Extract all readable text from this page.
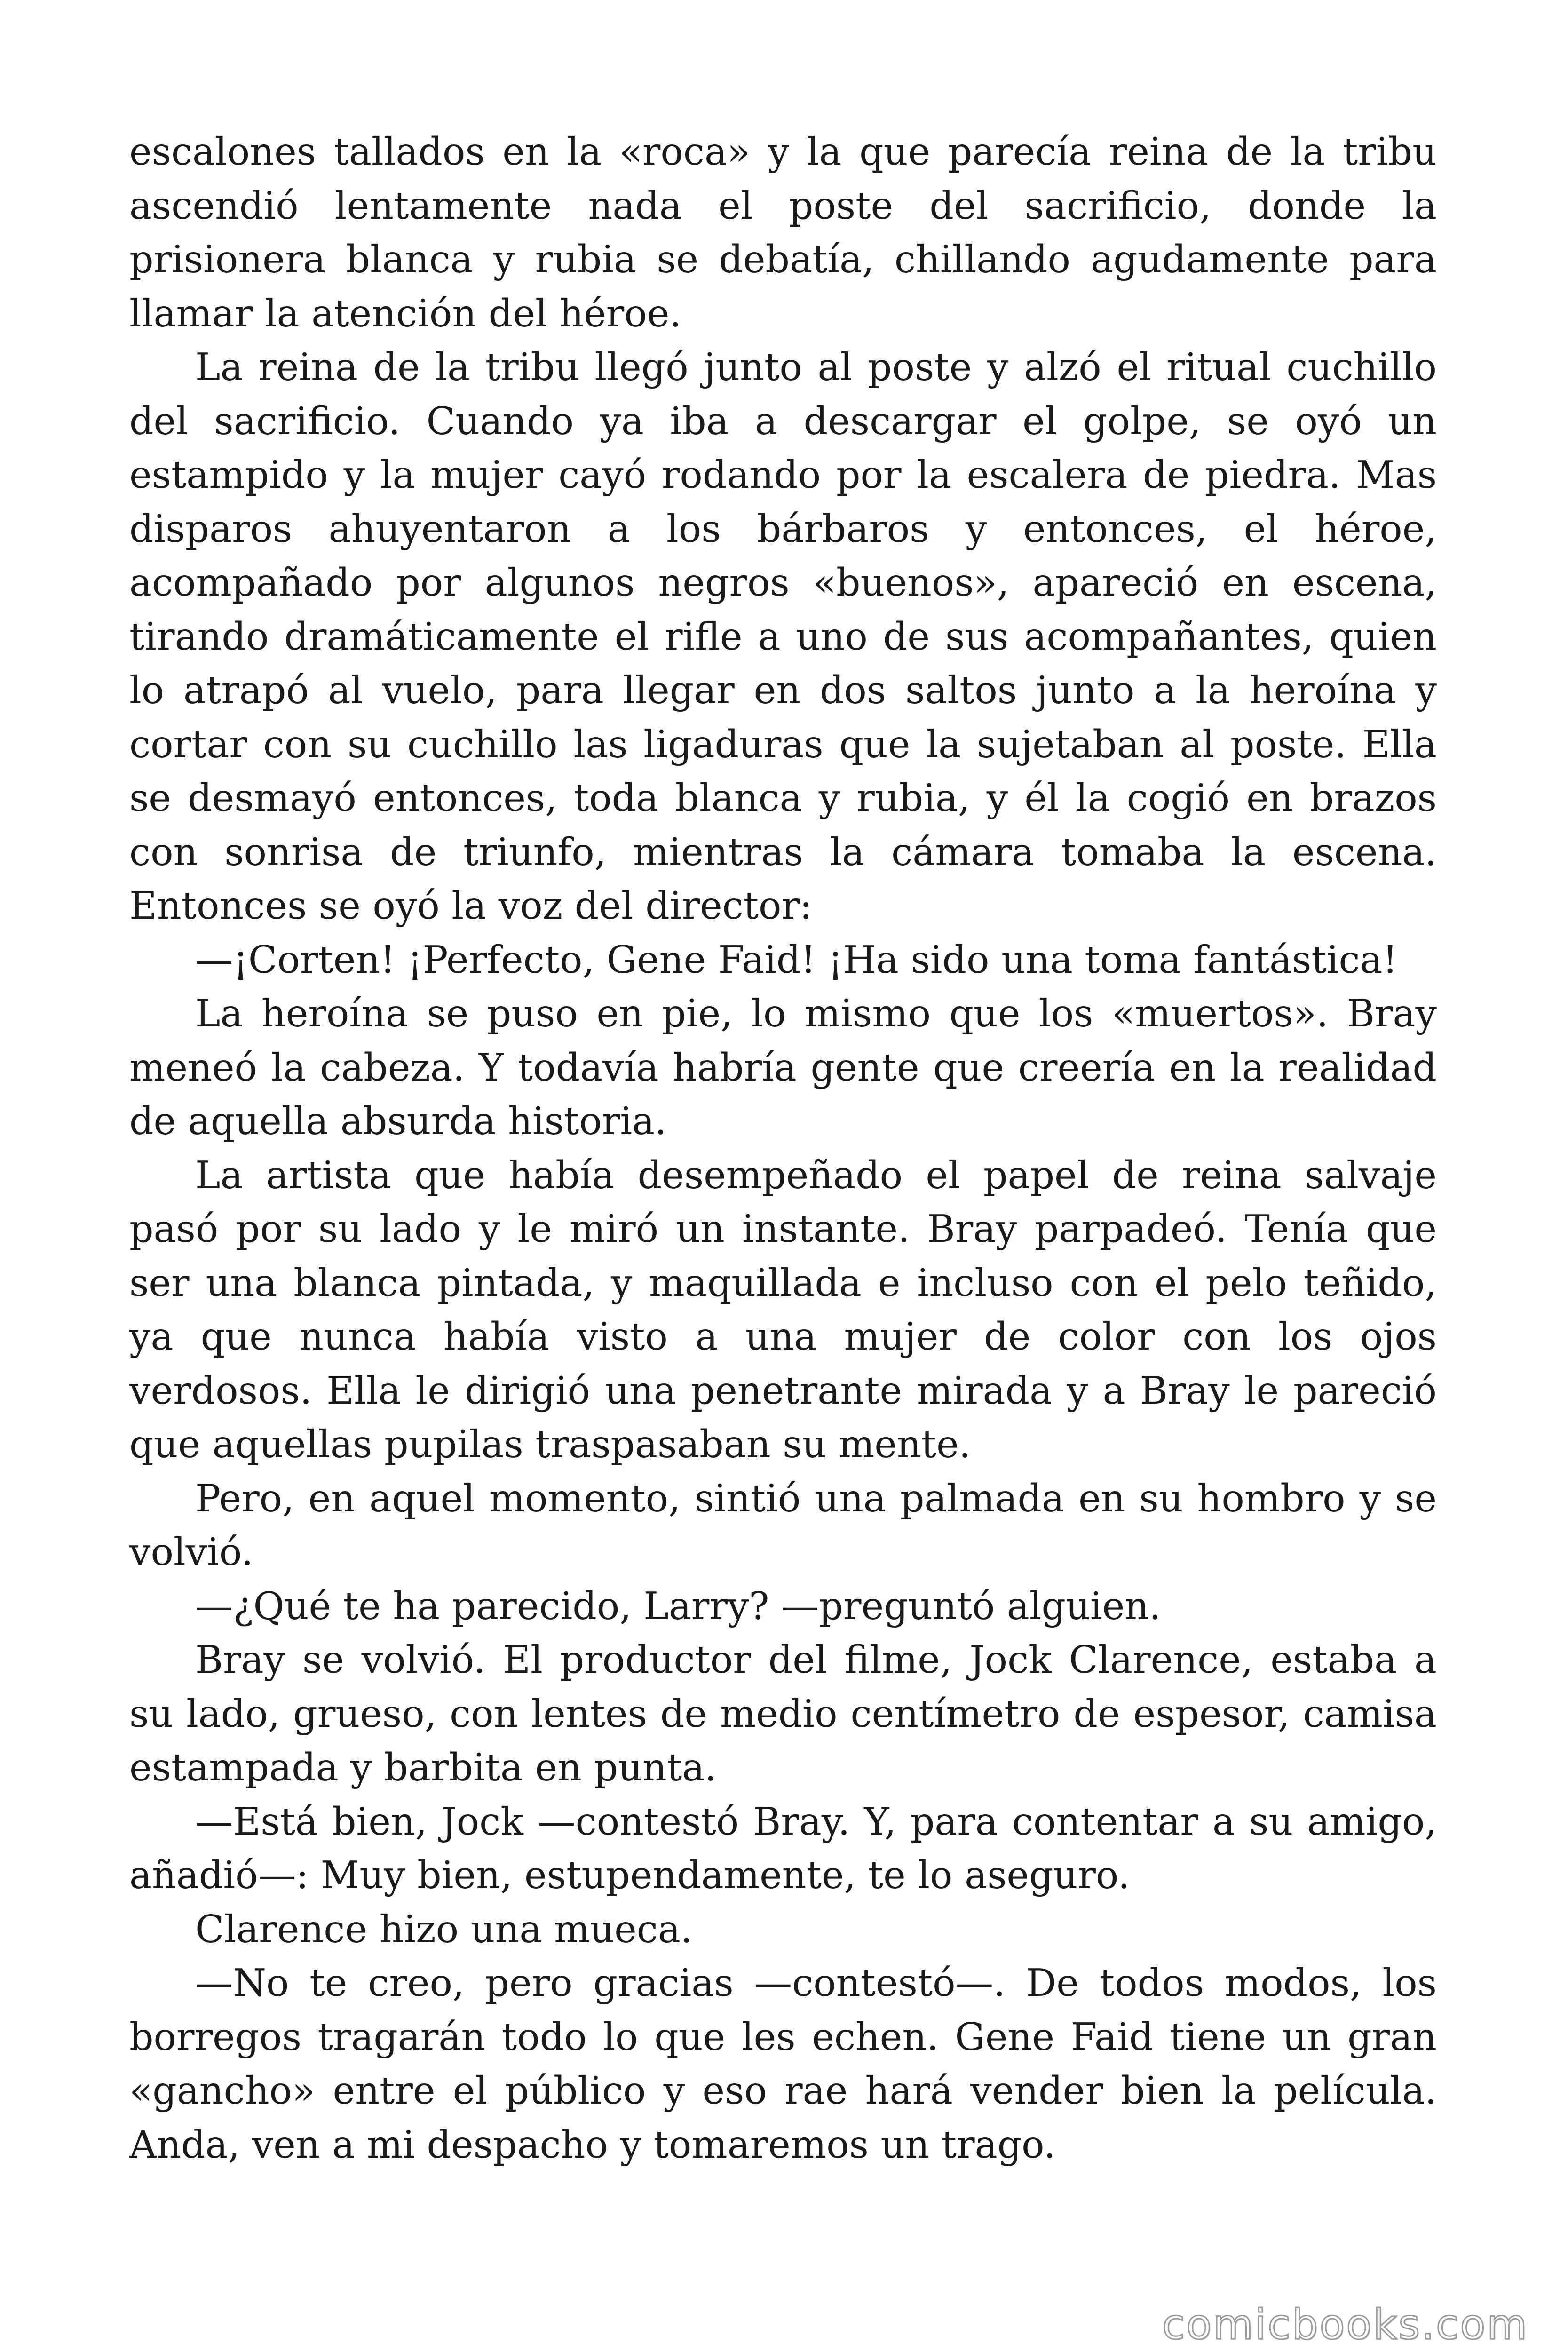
escalones tallados en la «roca» y la que parecía reina de la tribu ascendió lentamente nada el poste del sacrificio, donde la prisionera blanca y rubia se debatía, chillando agudamente para llamar la atención del héroe.

La reina de la tribu llegó junto al poste y alzó el ritual cuchillo del sacrificio. Cuando ya iba a descargar el golpe, se oyó un estampido y la mujer cayó rodando por la escalera de piedra. Mas disparos ahuyentaron a los bárbaros y entonces, el héroe, acompañado por algunos negros «buenos», apareció en escena, tirando dramáticamente el rifle a uno de sus acompañantes, quien lo atrapó al vuelo, para llegar en dos saltos junto a la heroína y cortar con su cuchillo las ligaduras que la sujetaban al poste. Ella se desmayó entonces, toda blanca y rubia, y él la cogió en brazos con sonrisa de triunfo, mientras la cámara tomaba la escena. Entonces se oyó la voz del director:

—¡Corten! ¡Perfecto, Gene Faid! ¡Ha sido una toma fantástica!

La heroína se puso en pie, lo mismo que los «muertos». Bray meneó la cabeza. Y todavía habría gente que creería en la realidad de aquella absurda historia.

La artista que había desempeñado el papel de reina salvaje pasó por su lado y le miró un instante. Bray parpadeó. Tenía que ser una blanca pintada, y maquillada e incluso con el pelo teñido, ya que nunca había visto a una mujer de color con los ojos verdosos. Ella le dirigió una penetrante mirada y a Bray le pareció que aquellas pupilas traspasaban su mente.

Pero, en aquel momento, sintió una palmada en su hombro y se volvió.

—¿Qué te ha parecido, Larry? —preguntó alguien.

Bray se volvió. El productor del filme, Jock Clarence, estaba a su lado, grueso, con lentes de medio centímetro de espesor, camisa estampada y barbita en punta.

—Está bien, Jock —contestó Bray. Y, para contentar a su amigo, añadió—: Muy bien, estupendamente, te lo aseguro.

Clarence hizo una mueca.

—No te creo, pero gracias —contestó—. De todos modos, los borregos tragarán todo lo que les echen. Gene Faid tiene un gran «gancho» entre el público y eso rae hará vender bien la película. Anda, ven a mi despacho y tomaremos un trago.

comicbooks.com
